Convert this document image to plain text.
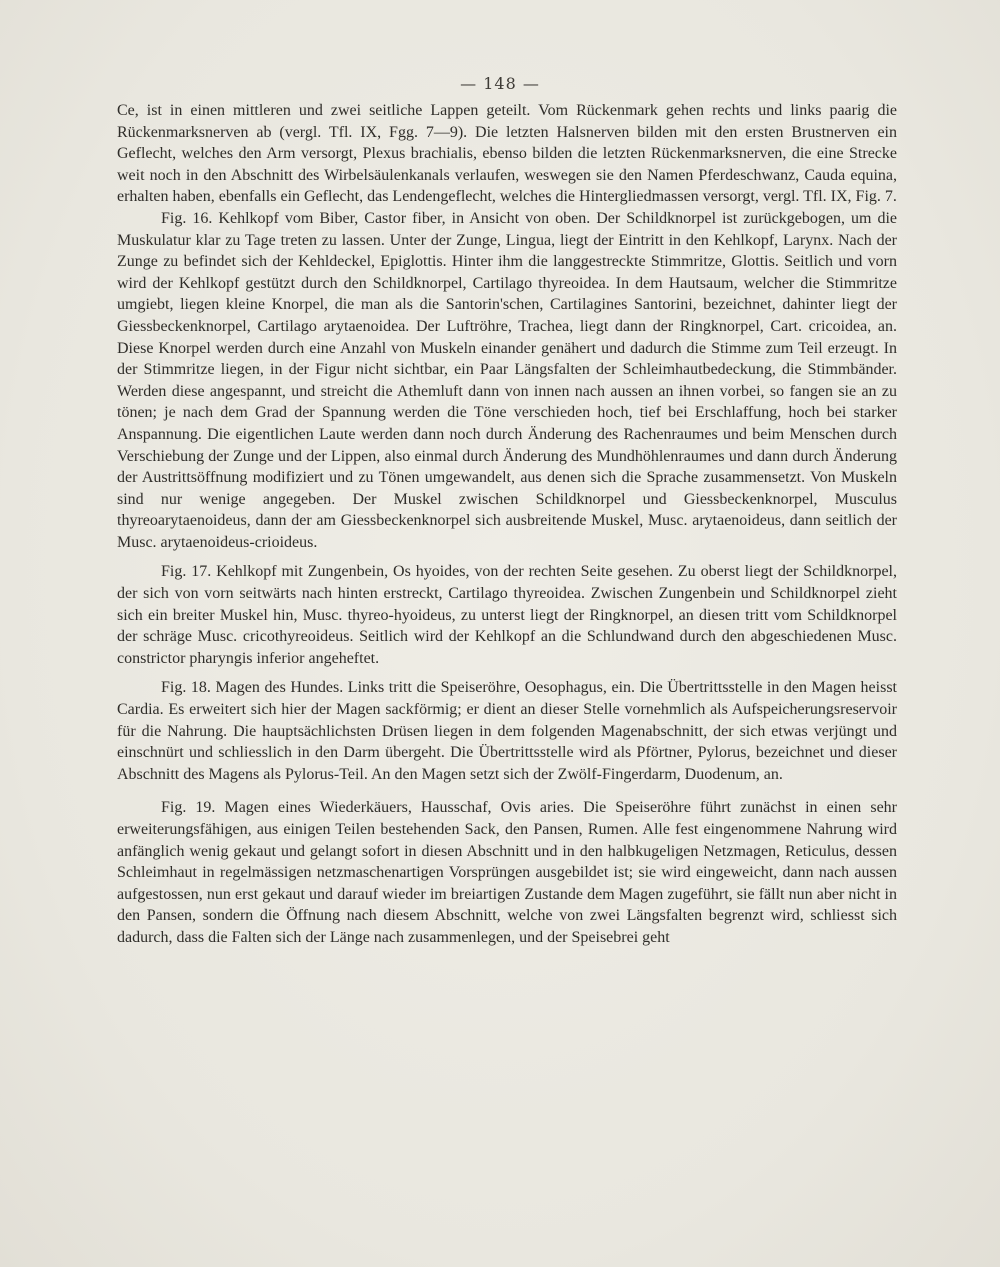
— 148 —

Ce, ist in einen mittleren und zwei seitliche Lappen geteilt. Vom Rückenmark gehen rechts und links paarig die Rückenmarksnerven ab (vergl. Tfl. IX, Fgg. 7—9). Die letzten Halsnerven bilden mit den ersten Brustnerven ein Geflecht, welches den Arm versorgt, Plexus brachialis, ebenso bilden die letzten Rückenmarksnerven, die eine Strecke weit noch in den Abschnitt des Wirbelsäulenkanals verlaufen, weswegen sie den Namen Pferdeschwanz, Cauda equina, erhalten haben, ebenfalls ein Geflecht, das Lendengeflecht, welches die Hintergliedmassen versorgt, vergl. Tfl. IX, Fig. 7.

Fig. 16. Kehlkopf vom Biber, Castor fiber, in Ansicht von oben. Der Schildknorpel ist zurückgebogen, um die Muskulatur klar zu Tage treten zu lassen. Unter der Zunge, Lingua, liegt der Eintritt in den Kehlkopf, Larynx. Nach der Zunge zu befindet sich der Kehldeckel, Epiglottis. Hinter ihm die langgestreckte Stimmritze, Glottis. Seitlich und vorn wird der Kehlkopf gestützt durch den Schildknorpel, Cartilago thyreoidea. In dem Hautsaum, welcher die Stimmritze umgiebt, liegen kleine Knorpel, die man als die Santorin'schen, Cartilagines Santorini, bezeichnet, dahinter liegt der Giessbeckenknorpel, Cartilago arytaenoidea. Der Luftröhre, Trachea, liegt dann der Ringknorpel, Cart. cricoidea, an. Diese Knorpel werden durch eine Anzahl von Muskeln einander genähert und dadurch die Stimme zum Teil erzeugt. In der Stimmritze liegen, in der Figur nicht sichtbar, ein Paar Längsfalten der Schleimhautbedeckung, die Stimmbänder. Werden diese angespannt, und streicht die Athemluft dann von innen nach aussen an ihnen vorbei, so fangen sie an zu tönen; je nach dem Grad der Spannung werden die Töne verschieden hoch, tief bei Erschlaffung, hoch bei starker Anspannung. Die eigentlichen Laute werden dann noch durch Änderung des Rachenraumes und beim Menschen durch Verschiebung der Zunge und der Lippen, also einmal durch Änderung des Mundhöhlenraumes und dann durch Änderung der Austrittsöffnung modifiziert und zu Tönen umgewandelt, aus denen sich die Sprache zusammensetzt. Von Muskeln sind nur wenige angegeben. Der Muskel zwischen Schildknorpel und Giessbeckenknorpel, Musculus thyreoarytaenoideus, dann der am Giessbeckenknorpel sich ausbreitende Muskel, Musc. arytaenoideus, dann seitlich der Musc. arytaenoideus-crioideus.

Fig. 17. Kehlkopf mit Zungenbein, Os hyoides, von der rechten Seite gesehen. Zu oberst liegt der Schildknorpel, der sich von vorn seitwärts nach hinten erstreckt, Cartilago thyreoidea. Zwischen Zungenbein und Schildknorpel zieht sich ein breiter Muskel hin, Musc. thyreo-hyoideus, zu unterst liegt der Ringknorpel, an diesen tritt vom Schildknorpel der schräge Musc. cricothyreoideus. Seitlich wird der Kehlkopf an die Schlundwand durch den abgeschiedenen Musc. constrictor pharyngis inferior angeheftet.

Fig. 18. Magen des Hundes. Links tritt die Speiseröhre, Oesophagus, ein. Die Übertrittsstelle in den Magen heisst Cardia. Es erweitert sich hier der Magen sackförmig; er dient an dieser Stelle vornehmlich als Aufspeicherungsreservoir für die Nahrung. Die hauptsächlichsten Drüsen liegen in dem folgenden Magenabschnitt, der sich etwas verjüngt und einschnürt und schliesslich in den Darm übergeht. Die Übertrittsstelle wird als Pförtner, Pylorus, bezeichnet und dieser Abschnitt des Magens als Pylorus-Teil. An den Magen setzt sich der Zwölf-Fingerdarm, Duodenum, an.

Fig. 19. Magen eines Wiederkäuers, Hausschaf, Ovis aries. Die Speiseröhre führt zunächst in einen sehr erweiterungsfähigen, aus einigen Teilen bestehenden Sack, den Pansen, Rumen. Alle fest eingenommene Nahrung wird anfänglich wenig gekaut und gelangt sofort in diesen Abschnitt und in den halbkugeligen Netzmagen, Reticulus, dessen Schleimhaut in regelmässigen netzmaschenartigen Vorsprüngen ausgebildet ist; sie wird eingeweicht, dann nach aussen aufgestossen, nun erst gekaut und darauf wieder im breiartigen Zustande dem Magen zugeführt, sie fällt nun aber nicht in den Pansen, sondern die Öffnung nach diesem Abschnitt, welche von zwei Längsfalten begrenzt wird, schliesst sich dadurch, dass die Falten sich der Länge nach zusammenlegen, und der Speisebrei geht
